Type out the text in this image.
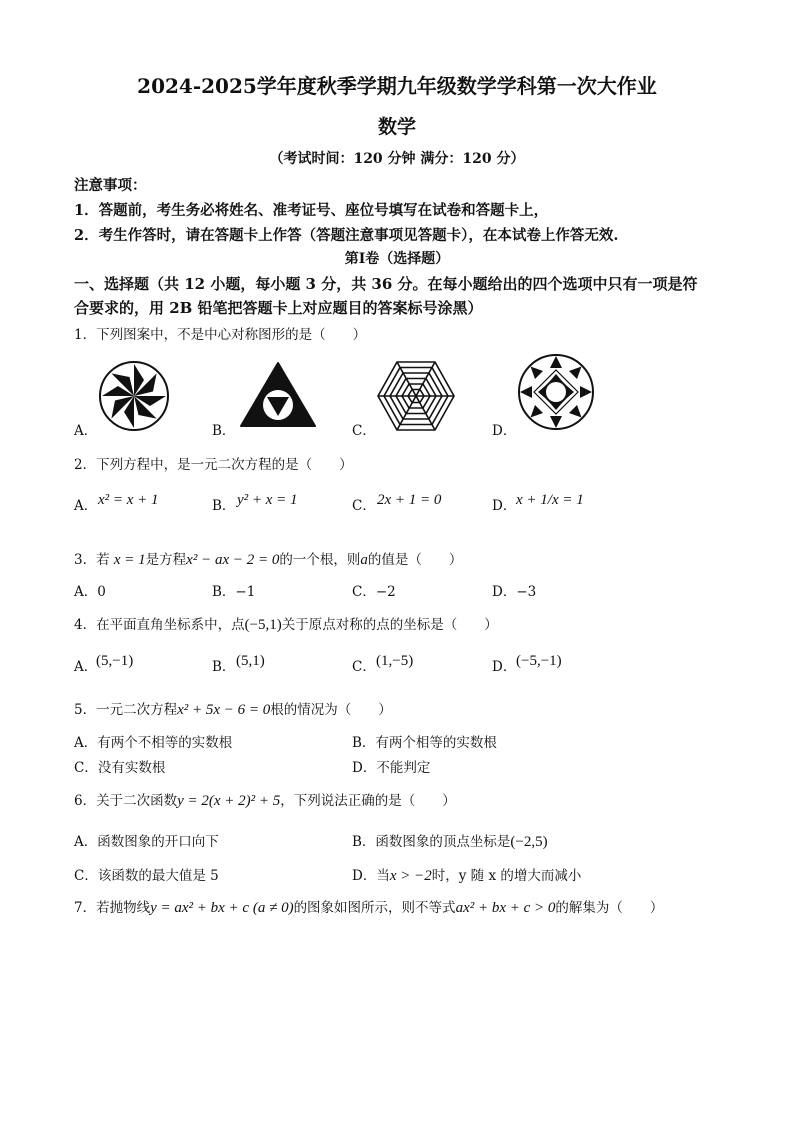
2024-2025学年度秋季学期九年级数学学科第一次大作业
数学
（考试时间：120 分钟 满分：120 分）
注意事项：
1．答题前，考生务必将姓名、准考证号、座位号填写在试卷和答题卡上，
2．考生作答时，请在答题卡上作答（答题注意事项见答题卡），在本试卷上作答无效.
第Ⅰ卷（选择题）
一、选择题（共 12 小题，每小题 3 分，共 36 分。在每小题给出的四个选项中只有一项是符
合要求的，用 2B 铅笔把答题卡上对应题目的答案标号涂黑）
1．下列图案中，不是中心对称图形的是（　　）
A．	B．	C．	D．
2．下列方程中，是一元二次方程的是（　　）
A． x² = x + 1	B． y² + x = 1	C． 2x + 1 = 0	D． x + 1/x = 1
3．若 x = 1是方程x² − ax − 2 = 0的一个根，则a的值是（　　）
A．0	B．−1	C．−2	D．−3
4．在平面直角坐标系中，点(−5,1)关于原点对称的点的坐标是（　　）
A．
(5,−1)	B． (5,1)	C． (1,−5)	D． (−5,−1)
5．一元二次方程x² + 5x − 6 = 0根的情况为（　　）
A．有两个不相等的实数根	B．有两个相等的实数根
C．没有实数根	D．不能判定
6．关于二次函数y = 2(x + 2)² + 5，下列说法正确的是（　　）
A．函数图象的开口向下	B．函数图象的顶点坐标是(−2,5)
C．该函数的最大值是 5	D．当x > −2时，y 随 x 的增大而减小
7．若抛物线y = ax² + bx + c (a ≠ 0)的图象如图所示，则不等式ax² + bx + c > 0的解集为（　　）
